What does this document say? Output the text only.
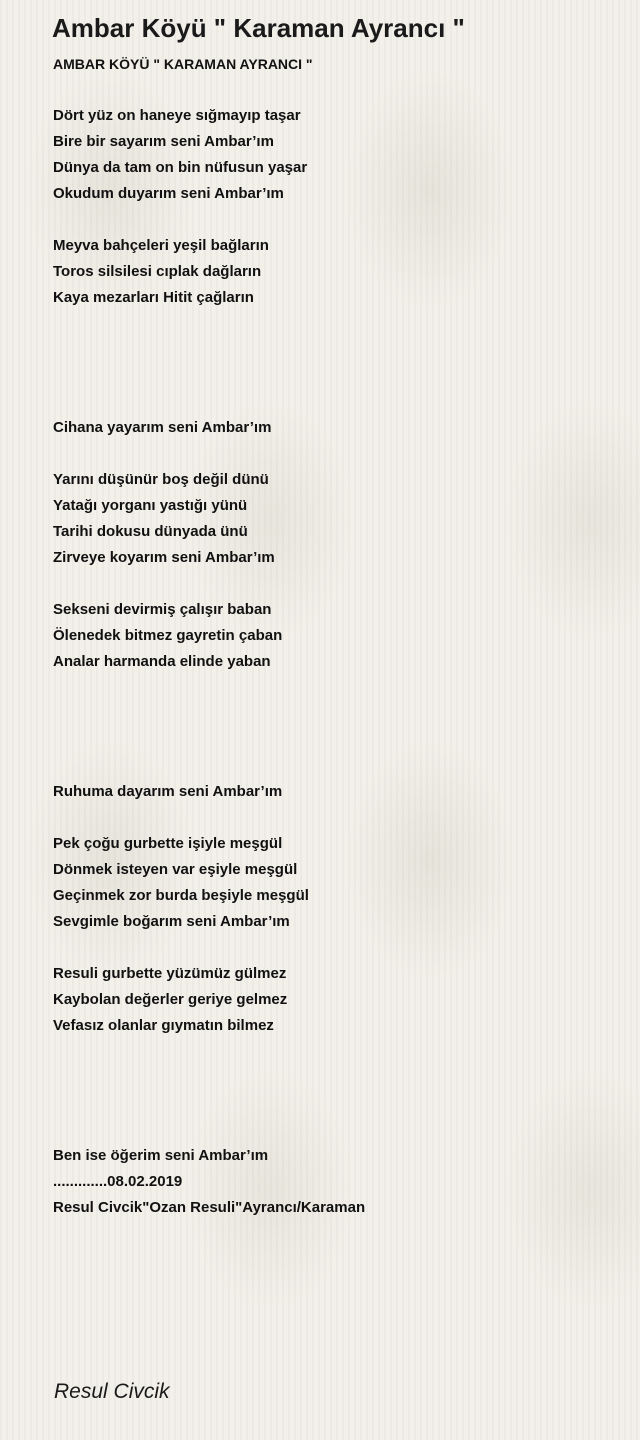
Ambar Köyü " Karaman Ayrancı "
AMBAR KÖYÜ " KARAMAN AYRANCI "
Dört yüz on haneye sığmayıp taşar
Bire bir sayarım seni Ambar’ım
Dünya da tam on bin nüfusun yaşar
Okudum duyarım seni Ambar’ım
Meyva bahçeleri yeşil bağların
Toros silsilesi cıplak dağların
Kaya mezarları Hitit çağların
Cihana yayarım seni Ambar’ım
Yarını düşünür boş değil dünü
Yatağı yorganı yastığı yünü
Tarihi dokusu dünyada ünü
Zirveye koyarım seni Ambar’ım
Sekseni devirmiş çalışır baban
Ölenedek bitmez gayretin çaban
Analar harmanda elinde yaban
Ruhuma dayarım seni Ambar’ım
Pek çoğu gurbette işiyle meşgül
Dönmek isteyen var eşiyle meşgül
Geçinmek zor burda beşiyle meşgül
Sevgimle boğarım seni Ambar’ım
Resuli gurbette yüzümüz gülmez
Kaybolan değerler geriye gelmez
Vefasız olanlar gıymatın bilmez
Ben ise öğerim seni Ambar’ım
.............08.02.2019
Resul Civcik"Ozan Resuli"Ayrancı/Karaman
Resul Civcik
